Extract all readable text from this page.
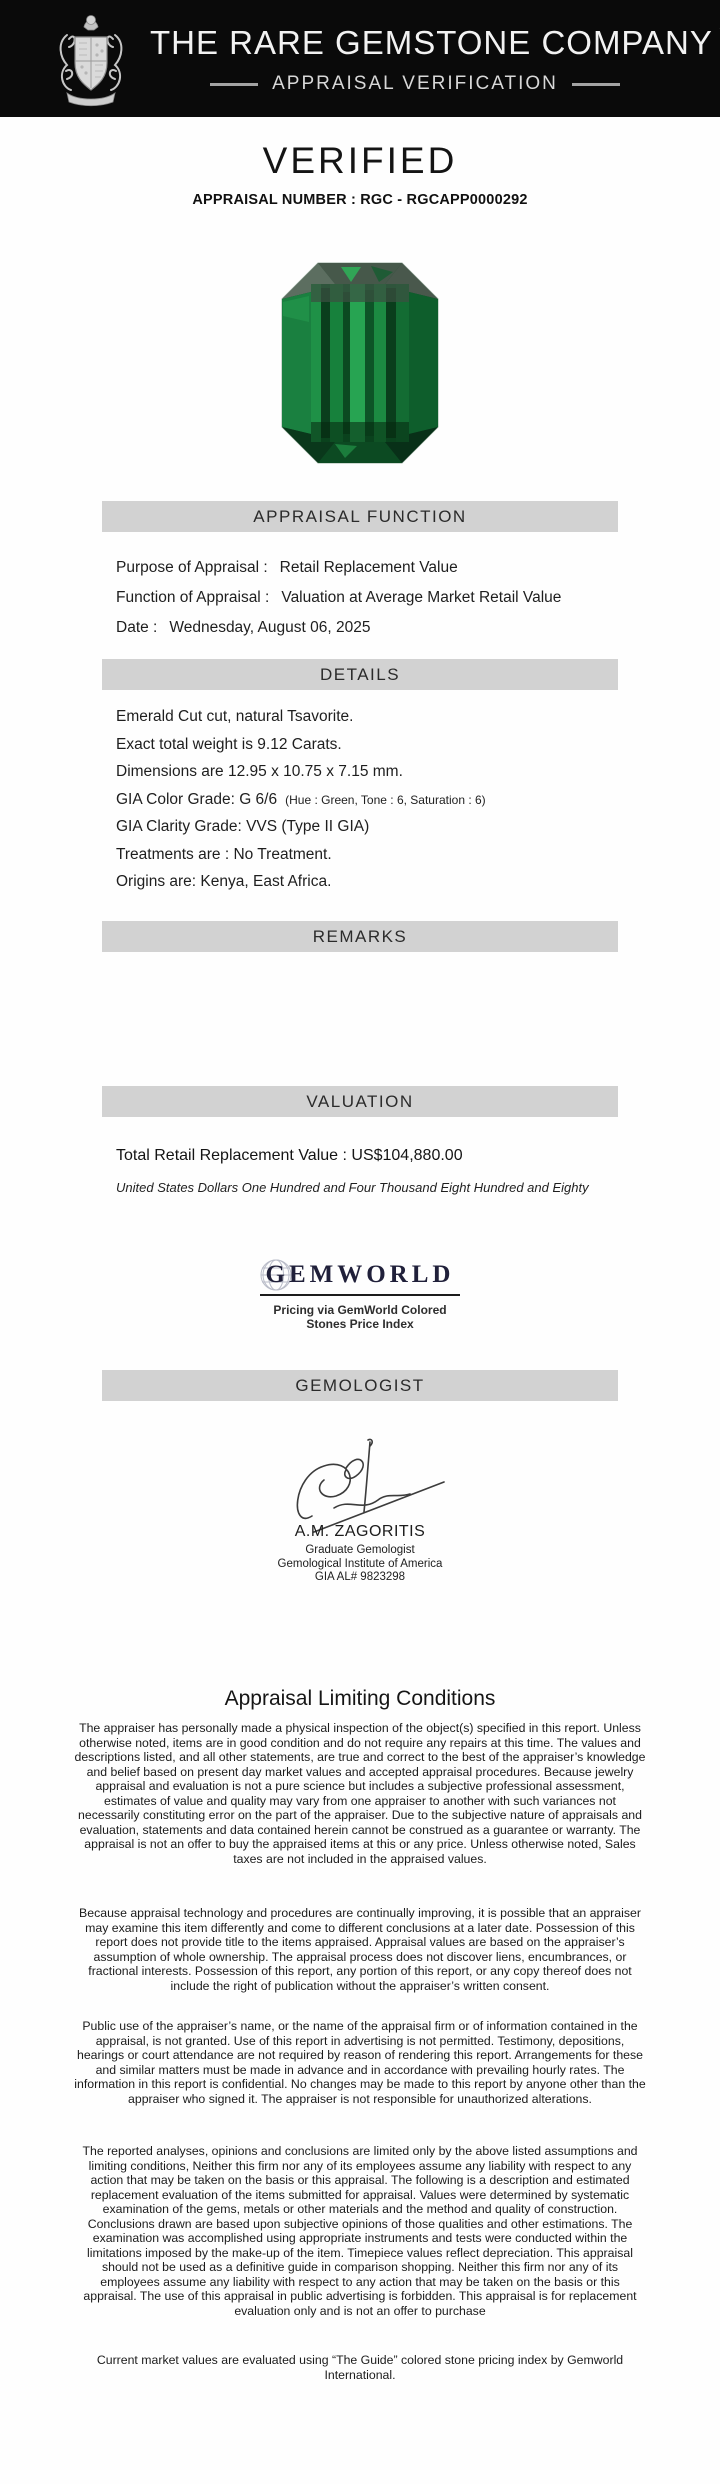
THE RARE GEMSTONE COMPANY
APPRAISAL VERIFICATION
VERIFIED
APPRAISAL NUMBER : RGC - RGCAPP0000292
APPRAISAL FUNCTION
Purpose of Appraisal : Retail Replacement Value
Function of Appraisal : Valuation at Average Market Retail Value
Date : Wednesday, August 06, 2025
DETAILS
Emerald Cut cut, natural Tsavorite.
Exact total weight is 9.12 Carats.
Dimensions are 12.95 x 10.75 x 7.15 mm.
GIA Color Grade: G 6/6 (Hue : Green, Tone : 6, Saturation : 6)
GIA Clarity Grade: VVS (Type II GIA)
Treatments are : No Treatment.
Origins are: Kenya, East Africa.
REMARKS
VALUATION
Total Retail Replacement Value : US$104,880.00
United States Dollars One Hundred and Four Thousand Eight Hundred and Eighty
GEMWORLD
Pricing via GemWorld Colored
Stones Price Index
GEMOLOGIST
A.M. ZAGORITIS
Graduate Gemologist
Gemological Institute of America
GIA AL# 9823298
Appraisal Limiting Conditions

The appraiser has personally made a physical inspection of the object(s) specified in this report. Unless otherwise noted, items are in good condition and do not require any repairs at this time. The values and descriptions listed, and all other statements, are true and correct to the best of the appraiser’s knowledge and belief based on present day market values and accepted appraisal procedures. Because jewelry appraisal and evaluation is not a pure science but includes a subjective professional assessment, estimates of value and quality may vary from one appraiser to another with such variances not necessarily constituting error on the part of the appraiser. Due to the subjective nature of appraisals and evaluation, statements and data contained herein cannot be construed as a guarantee or warranty. The appraisal is not an offer to buy the appraised items at this or any price. Unless otherwise noted, Sales taxes are not included in the appraised values.

Because appraisal technology and procedures are continually improving, it is possible that an appraiser may examine this item differently and come to different conclusions at a later date. Possession of this report does not provide title to the items appraised. Appraisal values are based on the appraiser’s assumption of whole ownership. The appraisal process does not discover liens, encumbrances, or fractional interests. Possession of this report, any portion of this report, or any copy thereof does not include the right of publication without the appraiser’s written consent.

Public use of the appraiser’s name, or the name of the appraisal firm or of information contained in the appraisal, is not granted. Use of this report in advertising is not permitted. Testimony, depositions, hearings or court attendance are not required by reason of rendering this report. Arrangements for these and similar matters must be made in advance and in accordance with prevailing hourly rates. The information in this report is confidential. No changes may be made to this report by anyone other than the appraiser who signed it. The appraiser is not responsible for unauthorized alterations.

The reported analyses, opinions and conclusions are limited only by the above listed assumptions and limiting conditions, Neither this firm nor any of its employees assume any liability with respect to any action that may be taken on the basis or this appraisal. The following is a description and estimated replacement evaluation of the items submitted for appraisal. Values were determined by systematic examination of the gems, metals or other materials and the method and quality of construction. Conclusions drawn are based upon subjective opinions of those qualities and other estimations. The examination was accomplished using appropriate instruments and tests were conducted within the limitations imposed by the make-up of the item. Timepiece values reflect depreciation. This appraisal should not be used as a definitive guide in comparison shopping. Neither this firm nor any of its employees assume any liability with respect to any action that may be taken on the basis or this appraisal. The use of this appraisal in public advertising is forbidden. This appraisal is for replacement evaluation only and is not an offer to purchase

Current market values are evaluated using “The Guide” colored stone pricing index by Gemworld International.
